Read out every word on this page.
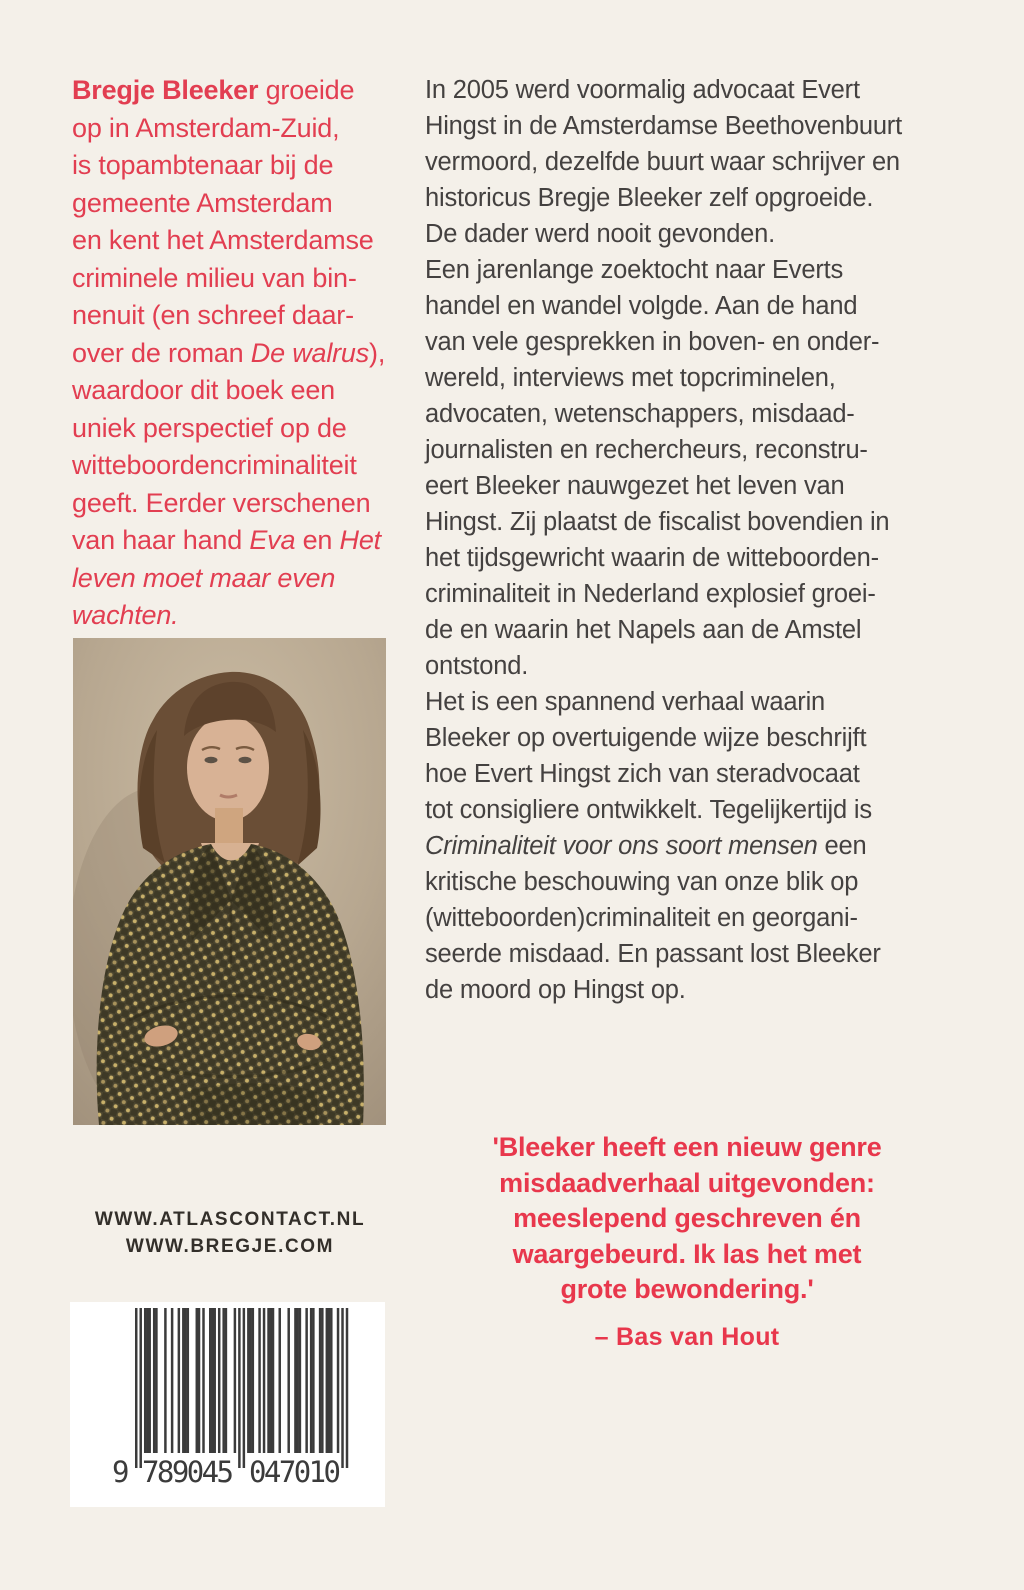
Bregje Bleeker groeide
op in Amsterdam-Zuid,
is topambtenaar bij de
gemeente Amsterdam
en kent het Amsterdamse
criminele milieu van bin-
nenuit (en schreef daar-
over de roman De walrus),
waardoor dit boek een
uniek perspectief op de
witteboordencriminaliteit
geeft. Eerder verschenen
van haar hand Eva en Het
leven moet maar even
wachten.
WWW.ATLASCONTACT.NL
WWW.BREGJE.COM
9 789045 047010
In 2005 werd voormalig advocaat Evert
Hingst in de Amsterdamse Beethovenbuurt
vermoord, dezelfde buurt waar schrijver en
historicus Bregje Bleeker zelf opgroeide.
De dader werd nooit gevonden.
Een jarenlange zoektocht naar Everts
handel en wandel volgde. Aan de hand
van vele gesprekken in boven- en onder-
wereld, interviews met topcriminelen,
advocaten, wetenschappers, misdaad-
journalisten en rechercheurs, reconstru-
eert Bleeker nauwgezet het leven van
Hingst. Zij plaatst de fiscalist bovendien in
het tijdsgewricht waarin de witteboorden-
criminaliteit in Nederland explosief groei-
de en waarin het Napels aan de Amstel
ontstond.
Het is een spannend verhaal waarin
Bleeker op overtuigende wijze beschrijft
hoe Evert Hingst zich van steradvocaat
tot consigliere ontwikkelt. Tegelijkertijd is
Criminaliteit voor ons soort mensen een
kritische beschouwing van onze blik op
(witteboorden)criminaliteit en georgani-
seerde misdaad. En passant lost Bleeker
de moord op Hingst op.
'Bleeker heeft een nieuw genre
misdaadverhaal uitgevonden:
meeslepend geschreven én
waargebeurd. Ik las het met
grote bewondering.'
– Bas van Hout
